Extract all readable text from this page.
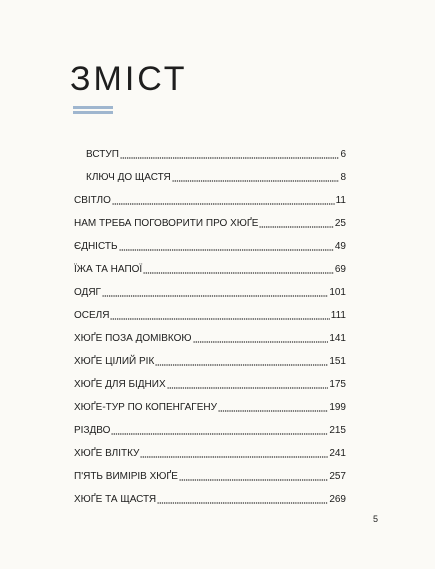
ЗМІСТ
ВСТУП	6
КЛЮЧ ДО ЩАСТЯ	8
СВІТЛО	11
НАМ ТРЕБА ПОГОВОРИТИ ПРО ХЮҐЕ	25
ЄДНІСТЬ	49
ЇЖА ТА НАПОЇ	69
ОДЯГ	101
ОСЕЛЯ	111
ХЮҐЕ ПОЗА ДОМІВКОЮ	141
ХЮҐЕ ЦІЛИЙ РІК	151
ХЮҐЕ ДЛЯ БІДНИХ	175
ХЮҐЕ-ТУР ПО КОПЕНГАГЕНУ	199
РІЗДВО	215
ХЮҐЕ ВЛІТКУ	241
П'ЯТЬ ВИМІРІВ ХЮҐЕ	257
ХЮҐЕ ТА ЩАСТЯ	269
5
